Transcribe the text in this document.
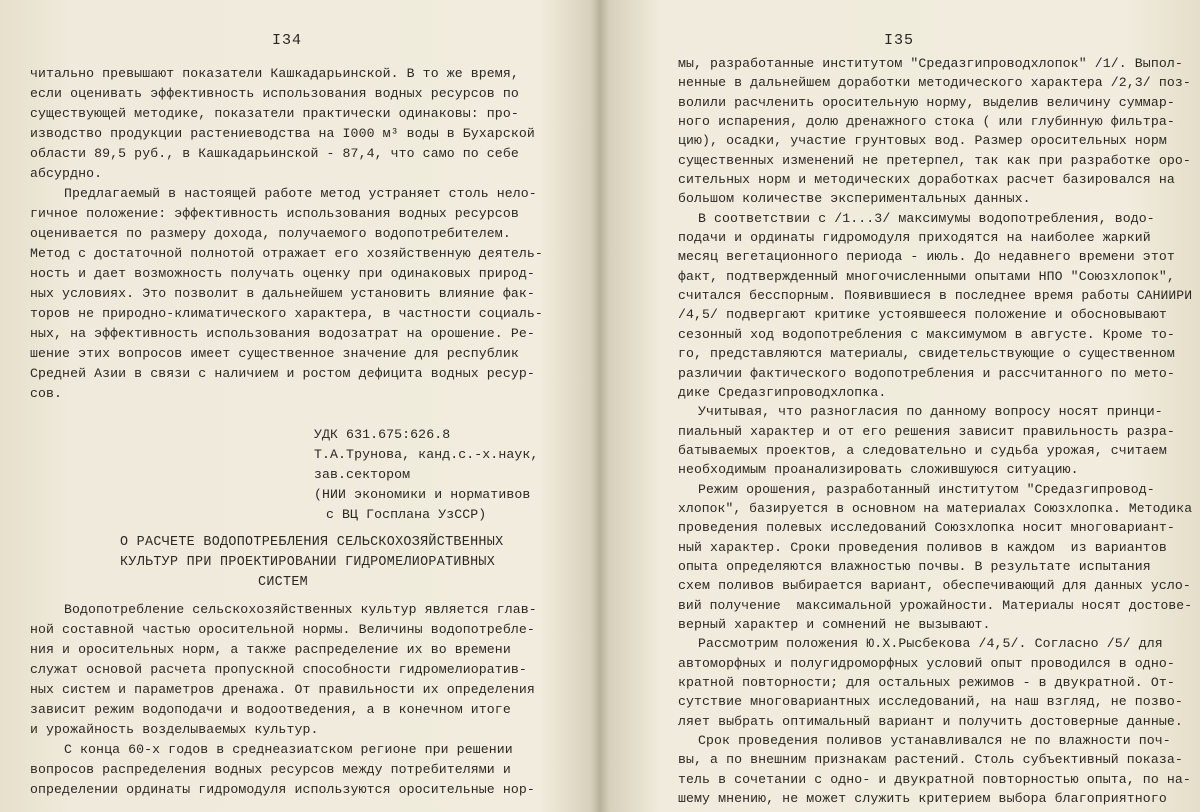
I34
читально превышают показатели Кашкадарьинской. В то же время,
если оценивать эффективность использования водных ресурсов по
существующей методике, показатели практически одинаковы: про-
изводство продукции растениеводства на I000 м³ воды в Бухарской
области 89,5 руб., в Кашкадарьинской - 87,4, что само по себе
абсурдно.
Предлагаемый в настоящей работе метод устраняет столь нело-
гичное положение: эффективность использования водных ресурсов
оценивается по размеру дохода, получаемого водопотребителем.
Метод с достаточной полнотой отражает его хозяйственную деятель-
ность и дает возможность получать оценку при одинаковых природ-
ных условиях. Это позволит в дальнейшем установить влияние фак-
торов не природно-климатического характера, в частности социаль-
ных, на эффективность использования водозатрат на орошение. Ре-
шение этих вопросов имеет существенное значение для республик
Средней Азии в связи с наличием и ростом дефицита водных ресур-
сов.
УДК 631.675:626.8
Т.А.Трунова, канд.с.-х.наук,
зав.сектором
(НИИ экономики и нормативов
с ВЦ Госплана УзССР)
О РАСЧЕТЕ ВОДОПОТРЕБЛЕНИЯ СЕЛЬСКОХОЗЯЙСТВЕННЫХ
КУЛЬТУР ПРИ ПРОЕКТИРОВАНИИ ГИДРОМЕЛИОРАТИВНЫХ
СИСТЕМ
Водопотребление сельскохозяйственных культур является глав-
ной составной частью оросительной нормы. Величины водопотребле-
ния и оросительных норм, а также распределение их во времени
служат основой расчета пропускной способности гидромелиоратив-
ных систем и параметров дренажа. От правильности их определения
зависит режим водоподачи и водоотведения, а в конечном итоге
и урожайность возделываемых культур.
С конца 60-х годов в среднеазиатском регионе при решении
вопросов распределения водных ресурсов между потребителями и
определении ординаты гидромодуля используются оросительные нор-
I35
мы, разработанные институтом "Средазгипроводхлопок" /1/. Выпол-
ненные в дальнейшем доработки методического характера /2,3/ поз-
волили расчленить оросительную норму, выделив величину суммар-
ного испарения, долю дренажного стока ( или глубинную фильтра-
цию), осадки, участие грунтовых вод. Размер оросительных норм
существенных изменений не претерпел, так как при разработке оро-
сительных норм и методических доработках расчет базировался на
большом количестве экспериментальных данных.
В соответствии с /1...3/ максимумы водопотребления, водо-
подачи и ординаты гидромодуля приходятся на наиболее жаркий
месяц вегетационного периода - июль. До недавнего времени этот
факт, подтвержденный многочисленными опытами НПО "Союзхлопок",
считался бесспорным. Появившиеся в последнее время работы САНИИРИ
/4,5/ подвергают критике устоявшееся положение и обосновывают
сезонный ход водопотребления с максимумом в августе. Кроме то-
го, представляются материалы, свидетельствующие о существенном
различии фактического водопотребления и рассчитанного по мето-
дике Средазгипроводхлопка.
Учитывая, что разногласия по данному вопросу носят принци-
пиальный характер и от его решения зависит правильность разра-
батываемых проектов, а следовательно и судьба урожая, считаем
необходимым проанализировать сложившуюся ситуацию.
Режим орошения, разработанный институтом "Средазгипровод-
хлопок", базируется в основном на материалах Союзхлопка. Методика
проведения полевых исследований Союзхлопка носит многовариант-
ный характер. Сроки проведения поливов в каждом  из вариантов
опыта определяются влажностью почвы. В результате испытания
схем поливов выбирается вариант, обеспечивающий для данных усло-
вий получение  максимальной урожайности. Материалы носят достове-
верный характер и сомнений не вызывают.
Рассмотрим положения Ю.Х.Рысбекова /4,5/. Согласно /5/ для
автоморфных и полугидроморфных условий опыт проводился в одно-
кратной повторности; для остальных режимов - в двукратной. От-
сутствие многовариантных исследований, на наш взгляд, не позво-
ляет выбрать оптимальный вариант и получить достоверные данные.
Срок проведения поливов устанавливался не по влажности поч-
вы, а по внешним признакам растений. Столь субъективный показа-
тель в сочетании с одно- и двукратной повторностью опыта, по на-
шему мнению, не может служить критерием выбора благоприятного
